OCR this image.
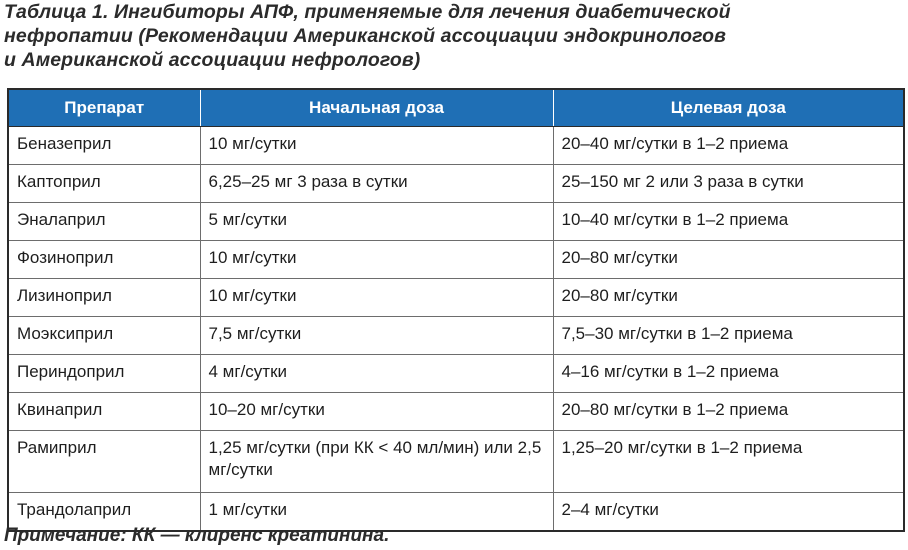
Таблица 1. Ингибиторы АПФ, применяемые для лечения диабетической
нефропатии (Рекомендации Американской ассоциации эндокринологов
и Американской ассоциации нефрологов)
Препарат	Начальная доза	Целевая доза
Беназеприл	10 мг/сутки	20–40 мг/сутки в 1–2 приема
Каптоприл	6,25–25 мг 3 раза в сутки	25–150 мг 2 или 3 раза в сутки
Эналаприл	5 мг/сутки	10–40 мг/сутки в 1–2 приема
Фозиноприл	10 мг/сутки	20–80 мг/сутки
Лизиноприл	10 мг/сутки	20–80 мг/сутки
Моэксиприл	7,5 мг/сутки	7,5–30 мг/сутки в 1–2 приема
Периндоприл	4 мг/сутки	4–16 мг/сутки в 1–2 приема
Квинаприл	10–20 мг/сутки	20–80 мг/сутки в 1–2 приема
Рамиприл	1,25 мг/сутки (при КК < 40 мл/мин) или 2,5 мг/сутки	1,25–20 мг/сутки в 1–2 приема
Трандолаприл	1 мг/сутки	2–4 мг/сутки
Примечание: КК — клиренс креатинина.
